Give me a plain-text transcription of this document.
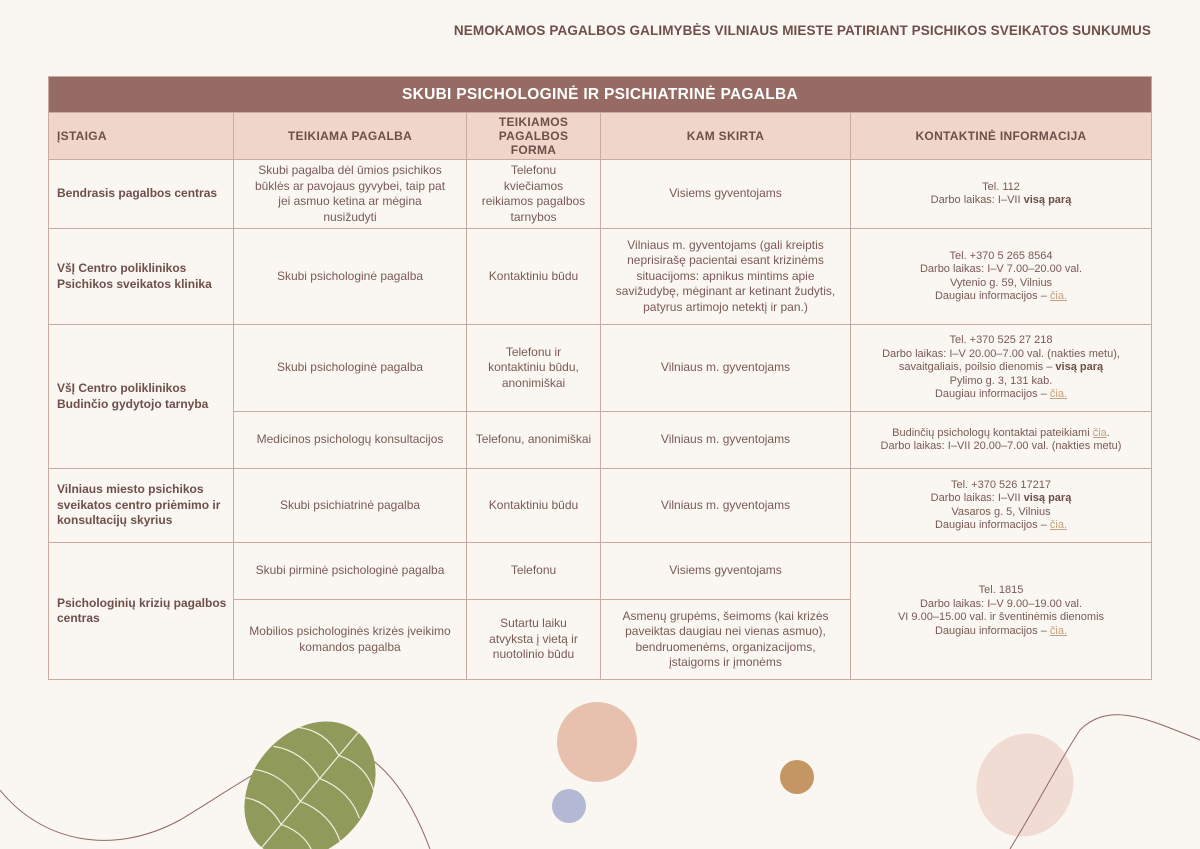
NEMOKAMOS PAGALBOS GALIMYBĖS VILNIAUS MIESTE PATIRIANT PSICHIKOS SVEIKATOS SUNKUMUS
SKUBI PSICHOLOGINĖ IR PSICHIATRINĖ PAGALBA				
ĮSTAIGA	TEIKIAMA PAGALBA	TEIKIAMOS PAGALBOS FORMA	KAM SKIRTA	KONTAKTINĖ INFORMACIJA
Bendrasis pagalbos centras	Skubi pagalba dėl ūmios psichikos būklės ar pavojaus gyvybei, taip pat jei asmuo ketina ar mėgina nusižudyti	Telefonu kviečiamos reikiamos pagalbos tarnybos	Visiems gyventojams	Tel. 112
Darbo laikas: I–VII visą parą

VšĮ Centro poliklinikos Psichikos sveikatos klinika	Skubi psichologinė pagalba	Kontaktiniu būdu	Vilniaus m. gyventojams (gali kreiptis neprisirašę pacientai esant krizinėms situacijoms: apnikus mintims apie savižudybę, mėginant ar ketinant žudytis, patyrus artimojo netektį ir pan.)	Tel. +370 5 265 8564
Darbo laikas: I–V 7.00–20.00 val.
Vytenio g. 59, Vilnius
Daugiau informacijos – čia.

VšĮ Centro poliklinikos Budinčio gydytojo tarnyba	Skubi psichologinė pagalba	Telefonu ir kontaktiniu būdu, anonimiškai	Vilniaus m. gyventojams	Tel. +370 525 27 218
Darbo laikas: I–V 20.00–7.00 val. (nakties metu),
savaitgaliais, poilsio dienomis – visą parą
Pylimo g. 3, 131 kab.
Daugiau informacijos – čia.

	Medicinos psichologų konsultacijos	Telefonu, anonimiškai	Vilniaus m. gyventojams	Budinčių psichologų kontaktai pateikiami čia.
Darbo laikas: I–VII 20.00–7.00 val. (nakties metu)

Vilniaus miesto psichikos sveikatos centro priėmimo ir konsultacijų skyrius	Skubi psichiatrinė pagalba	Kontaktiniu būdu	Vilniaus m. gyventojams	Tel. +370 526 17217
Darbo laikas: I–VII visą parą
Vasaros g. 5, Vilnius
Daugiau informacijos – čia.

Psichologinių krizių pagalbos centras	Skubi pirminė psichologinė pagalba	Telefonu	Visiems gyventojams	Tel. 1815
Darbo laikas: I–V 9.00–19.00 val.
VI 9.00–15.00 val. ir šventinėmis dienomis
Daugiau informacijos – čia.

	Mobilios psichologinės krizės įveikimo komandos pagalba	Sutartu laiku atvyksta į vietą ir nuotolinio būdu	Asmenų grupėms, šeimoms (kai krizės paveiktas daugiau nei vienas asmuo), bendruomenėms, organizacijoms, įstaigoms ir įmonėms	
